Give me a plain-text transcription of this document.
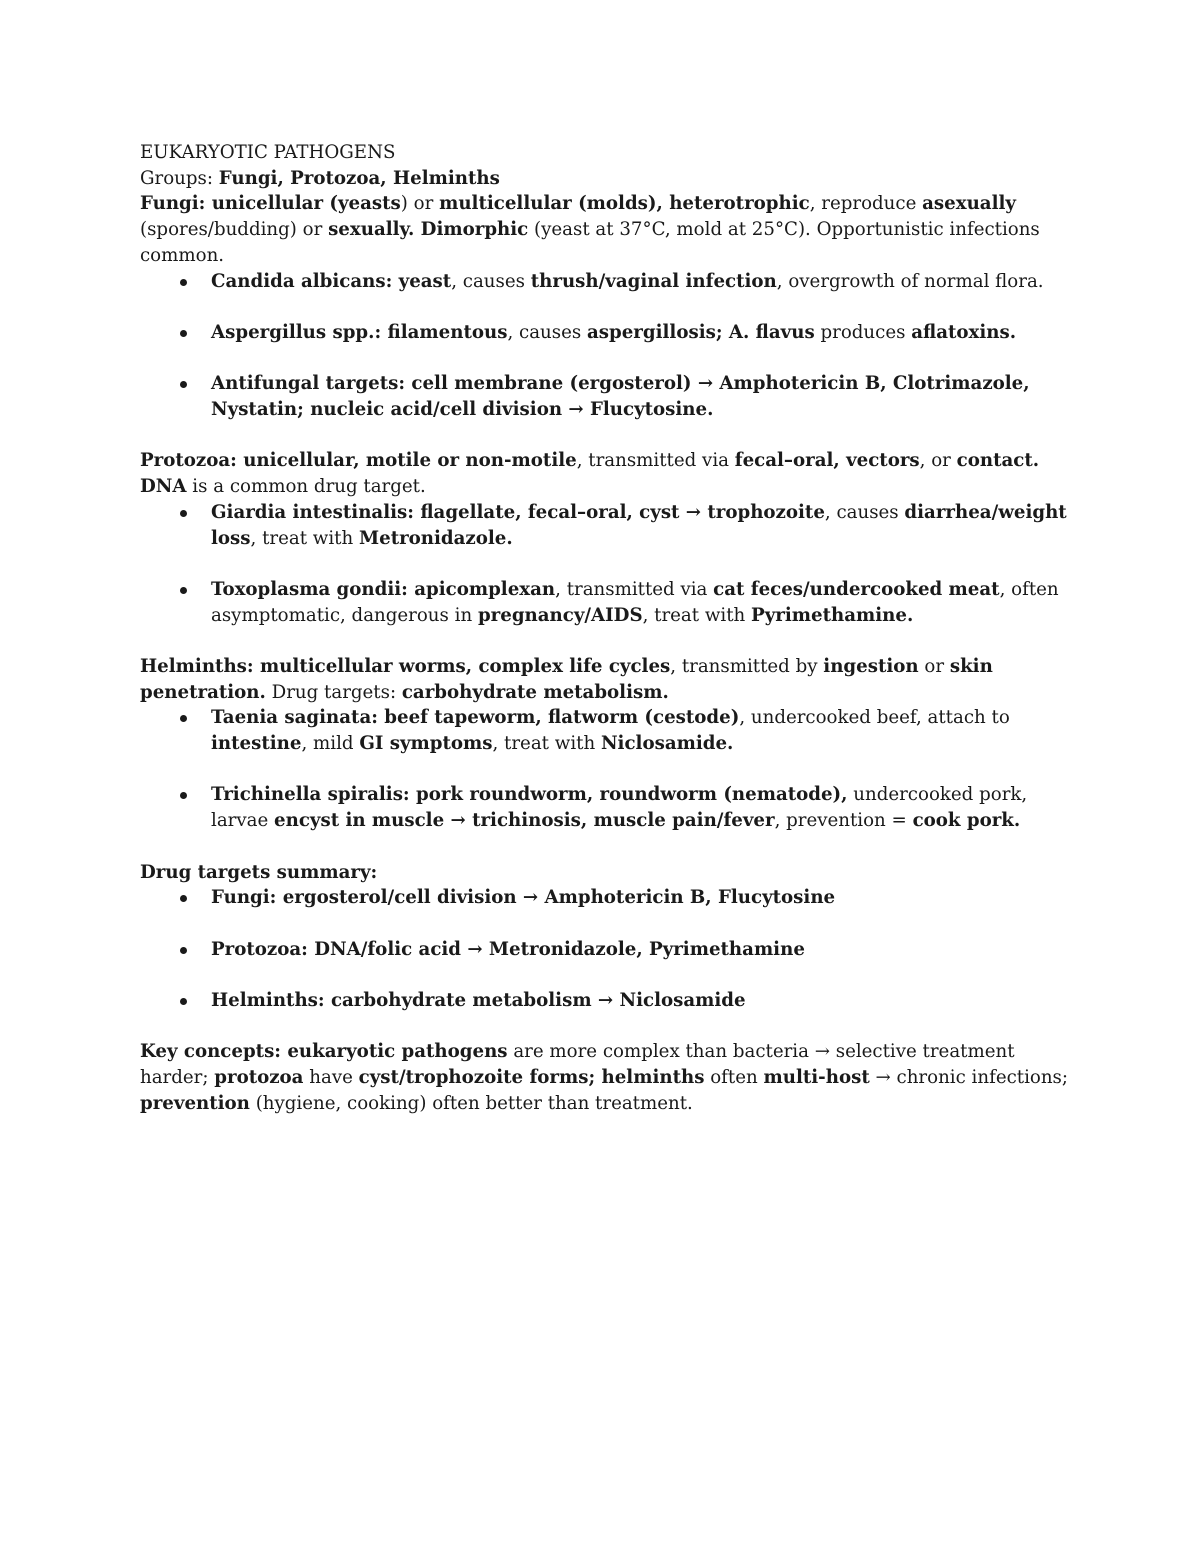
EUKARYOTIC PATHOGENS

Groups: Fungi, Protozoa, Helminths

Fungi: unicellular (yeasts) or multicellular (molds), heterotrophic, reproduce asexually (spores/budding) or sexually. Dimorphic (yeast at 37°C, mold at 25°C). Opportunistic infections common.

Candida albicans: yeast, causes thrush/vaginal infection, overgrowth of normal flora.
Aspergillus spp.: filamentous, causes aspergillosis; A. flavus produces aflatoxins.
Antifungal targets: cell membrane (ergosterol) → Amphotericin B, Clotrimazole, Nystatin; nucleic acid/cell division → Flucytosine.

Protozoa: unicellular, motile or non-motile, transmitted via fecal–oral, vectors, or contact. DNA is a common drug target.

Giardia intestinalis: flagellate, fecal–oral, cyst → trophozoite, causes diarrhea/weight loss, treat with Metronidazole.
Toxoplasma gondii: apicomplexan, transmitted via cat feces/undercooked meat, often asymptomatic, dangerous in pregnancy/AIDS, treat with Pyrimethamine.

Helminths: multicellular worms, complex life cycles, transmitted by ingestion or skin penetration. Drug targets: carbohydrate metabolism.

Taenia saginata: beef tapeworm, flatworm (cestode), undercooked beef, attach to intestine, mild GI symptoms, treat with Niclosamide.
Trichinella spiralis: pork roundworm, roundworm (nematode), undercooked pork, larvae encyst in muscle → trichinosis, muscle pain/fever, prevention = cook pork.

Drug targets summary:

Fungi: ergosterol/cell division → Amphotericin B, Flucytosine
Protozoa: DNA/folic acid → Metronidazole, Pyrimethamine
Helminths: carbohydrate metabolism → Niclosamide

Key concepts: eukaryotic pathogens are more complex than bacteria → selective treatment harder; protozoa have cyst/trophozoite forms; helminths often multi-host → chronic infections; prevention (hygiene, cooking) often better than treatment.
